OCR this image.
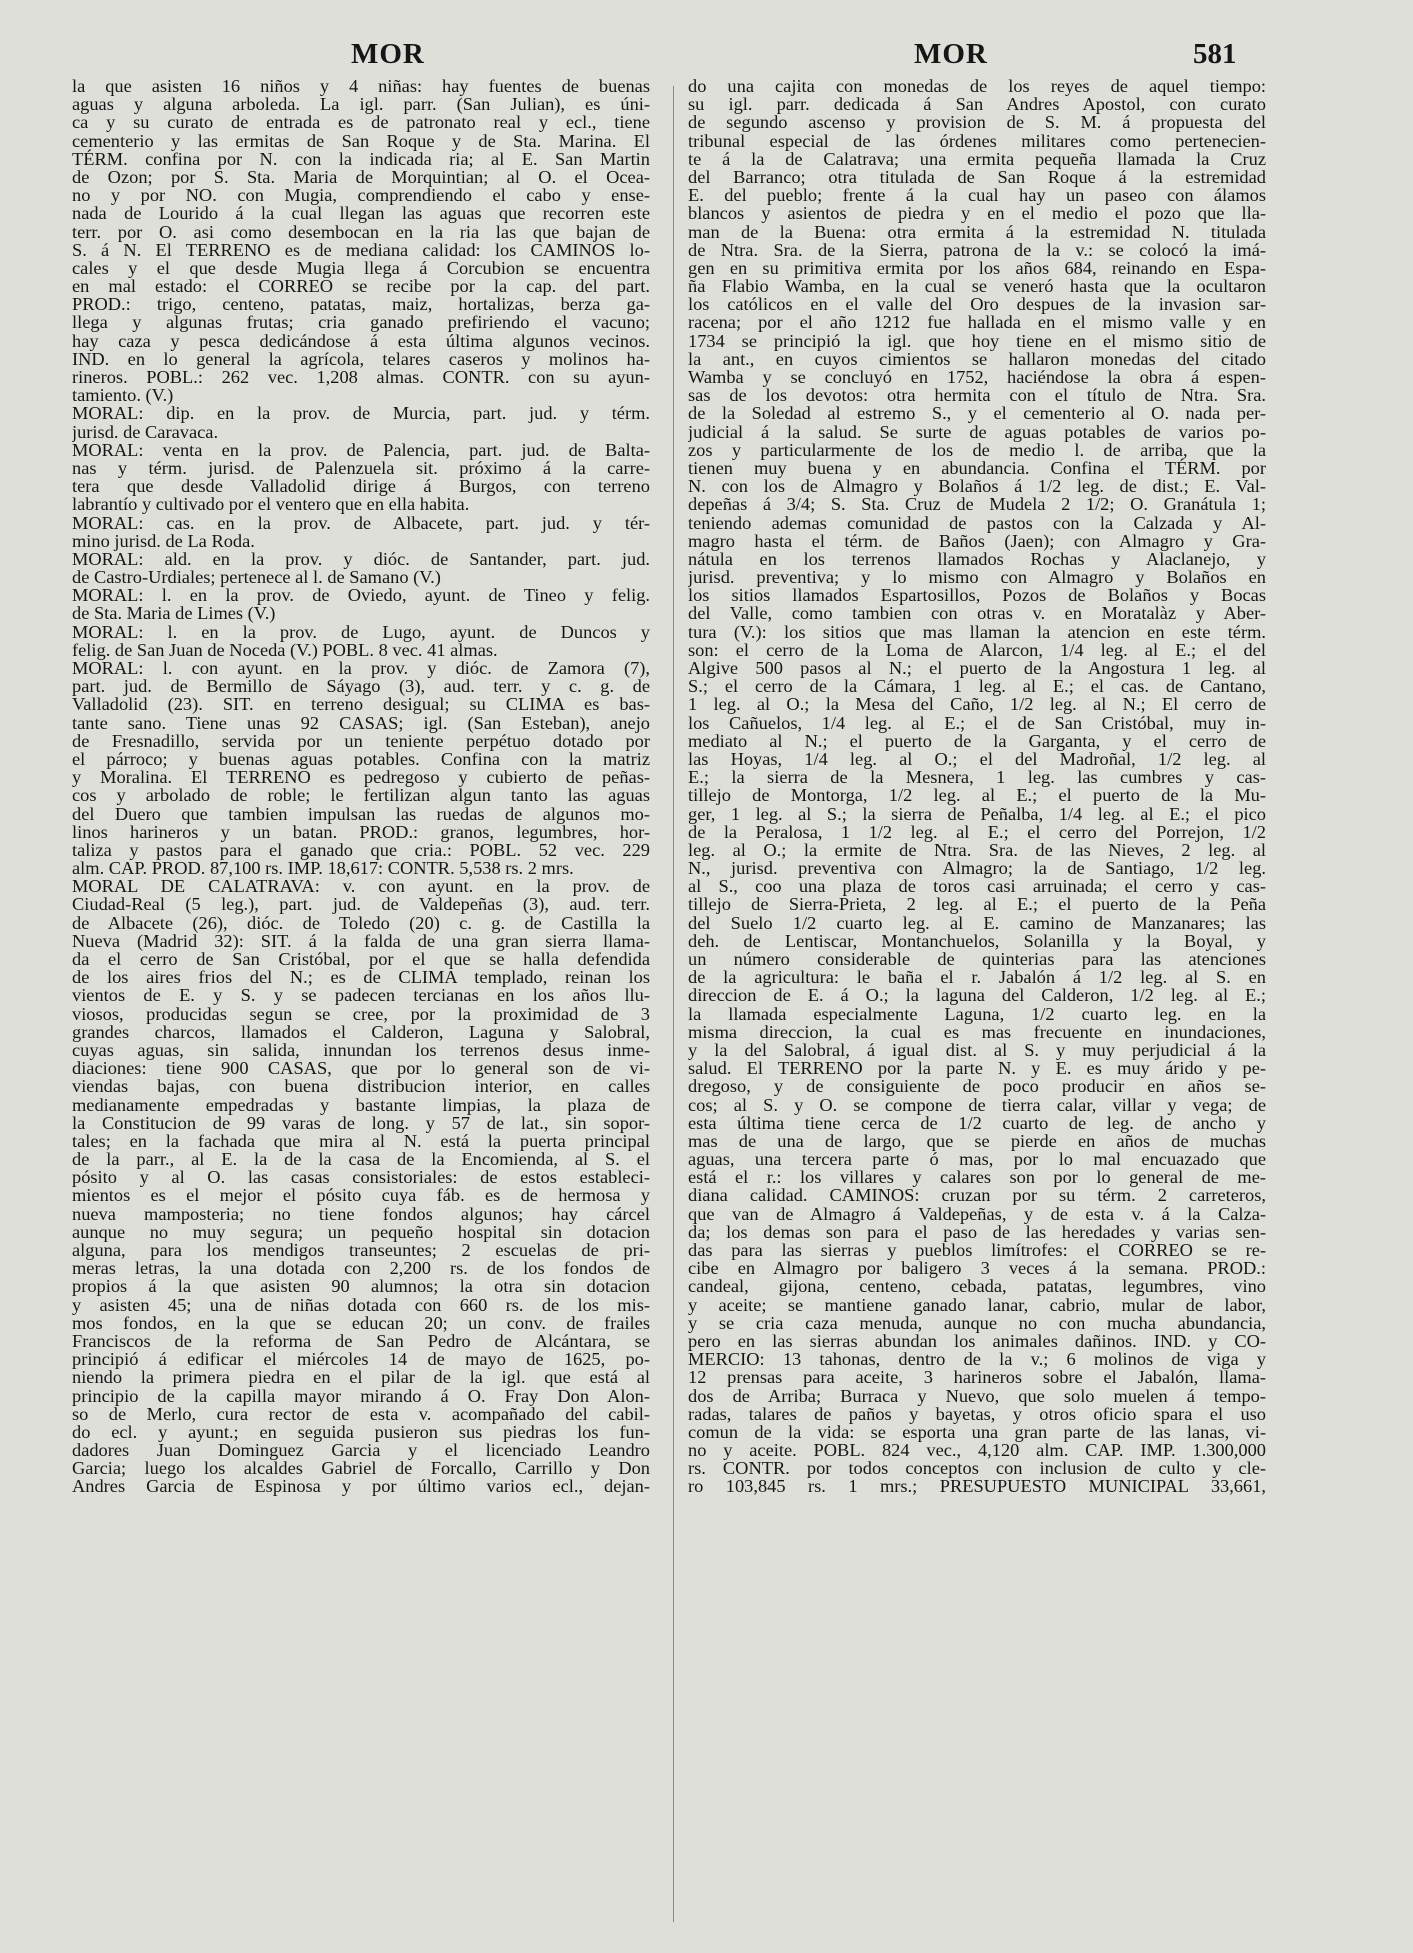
MOR	MOR	581
la que asisten 16 niños y 4 niñas: hay fuentes de buenas
aguas y alguna arboleda. La igl. parr. (San Julian), es úni-
ca y su curato de entrada es de patronato real y ecl., tiene
cementerio y las ermitas de San Roque y de Sta. Marina. El
TÉRM. confina por N. con la indicada ria; al E. San Martin
de Ozon; por S. Sta. Maria de Morquintian; al O. el Ocea-
no y por NO. con Mugia, comprendiendo el cabo y ense-
nada de Lourido á la cual llegan las aguas que recorren este
terr. por O. asi como desembocan en la ria las que bajan de
S. á N. El TERRENO es de mediana calidad: los CAMINOS lo-
cales y el que desde Mugia llega á Corcubion se encuentra
en mal estado: el CORREO se recibe por la cap. del part.
PROD.: trigo, centeno, patatas, maiz, hortalizas, berza ga-
llega y algunas frutas; cria ganado prefiriendo el vacuno;
hay caza y pesca dedicándose á esta última algunos vecinos.
IND. en lo general la agrícola, telares caseros y molinos ha-
rineros. POBL.: 262 vec. 1,208 almas. CONTR. con su ayun-
tamiento. (V.)
MORAL: dip. en la prov. de Murcia, part. jud. y térm.
jurisd. de Caravaca.
MORAL: venta en la prov. de Palencia, part. jud. de Baltа-
nas y térm. jurisd. de Palenzuela sit. próximo á la carre-
tera que desde Valladolid dirige á Burgos, con terreno
labrantío y cultivado por el ventero que en ella habita.
MORAL: cas. en la prov. de Albacete, part. jud. y tér-
mino jurisd. de La Roda.
MORAL: ald. en la prov. y dióc. de Santander, part. jud.
de Castro-Urdiales; pertenece al l. de Samano (V.)
MORAL: l. en la prov. de Oviedo, ayunt. de Tineo y felig.
de Sta. Maria de Limes (V.)
MORAL: l. en la prov. de Lugo, ayunt. de Duncos y
felig. de San Juan de Noceda (V.) POBL. 8 vec. 41 almas.
MORAL: l. con ayunt. en la prov. y dióc. de Zamora (7),
part. jud. de Bermillo de Sáyago (3), aud. terr. y c. g. de
Valladolid (23). SIT. en terreno desigual; su CLIMA es bas-
tante sano. Tiene unas 92 CASAS; igl. (San Esteban), anejo
de Fresnadillo, servida por un teniente perpétuo dotado por
el párroco; y buenas aguas potables. Confina con la matriz
y Moralina. El TERRENO es pedregoso y cubierto de peñas-
cos y arbolado de roble; le fertilizan algun tanto las aguas
del Duero que tambien impulsan las ruedas de algunos mo-
linos harineros y un batan. PROD.: granos, legumbres, hor-
taliza y pastos para el ganado que cria.: POBL. 52 vec. 229
alm. CAP. PROD. 87,100 rs. IMP. 18,617: CONTR. 5,538 rs. 2 mrs.
MORAL DE CALATRAVA: v. con ayunt. en la prov. de
Ciudad-Real (5 leg.), part. jud. de Valdepeñas (3), aud. terr.
de Albacete (26), dióc. de Toledo (20) c. g. de Castilla la
Nueva (Madrid 32): SIT. á la falda de una gran sierra llama-
da el cerro de San Cristóbal, por el que se halla defendida
de los aires frios del N.; es de CLIMA templado, reinan los
vientos de E. y S. y se padecen tercianas en los años llu-
viosos, producidas segun se cree, por la proximidad de 3
grandes charcos, llamados el Calderon, Laguna y Salobral,
cuyas aguas, sin salida, innundan los terrenos desus inme-
diaciones: tiene 900 CASAS, que por lo general son de vi-
viendas bajas, con buena distribucion interior, en calles
medianamente empedradas y bastante limpias, la plaza de
la Constitucion de 99 varas de long. y 57 de lat., sin sopor-
tales; en la fachada que mira al N. está la puerta principal
de la parr., al E. la de la casa de la Encomienda, al S. el
pósito y al O. las casas consistoriales: de estos estableci-
mientos es el mejor el pósito cuya fáb. es de hermosa y
nueva mamposteria; no tiene fondos algunos; hay cárcel
aunque no muy segura; un pequeño hospital sin dotacion
alguna, para los mendigos transeuntes; 2 escuelas de pri-
meras letras, la una dotada con 2,200 rs. de los fondos de
propios á la que asisten 90 alumnos; la otra sin dotacion
y asisten 45; una de niñas dotada con 660 rs. de los mis-
mos fondos, en la que se educan 20; un conv. de frailes
Franciscos de la reforma de San Pedro de Alcántara, se
principió á edificar el miércoles 14 de mayo de 1625, po-
niendo la primera piedra en el pilar de la igl. que está al
principio de la capilla mayor mirando á O. Fray Don Alon-
so de Merlo, cura rector de esta v. acompañado del cabil-
do ecl. y ayunt.; en seguida pusieron sus piedras los fun-
dadores Juan Dominguez Garcia y el licenciado Leandro
Garcia; luego los alcaldes Gabriel de Forcallo, Carrillo y Don
Andres Garcia de Espinosa y por último varios ecl., dejan-
do una cajita con monedas de los reyes de aquel tiempo:
su igl. parr. dedicada á San Andres Apostol, con curato
de segundo ascenso y provision de S. M. á propuesta del
tribunal especial de las órdenes militares como pertenecien-
te á la de Calatrava; una ermita pequeña llamada la Cruz
del Barranco; otra titulada de San Roque á la estremidad
E. del pueblo; frente á la cual hay un paseo con álamos
blancos y asientos de piedra y en el medio el pozo que lla-
man de la Buena: otra ermita á la estremidad N. titulada
de Ntra. Sra. de la Sierra, patrona de la v.: se colocó la imá-
gen en su primitiva ermita por los años 684, reinando en Espa-
ña Flabio Wamba, en la cual se veneró hasta que la ocultaron
los católicos en el valle del Oro despues de la invasion sar-
racena; por el año 1212 fue hallada en el mismo valle y en
1734 se principió la igl. que hoy tiene en el mismo sitio de
la ant., en cuyos cimientos se hallaron monedas del citado
Wamba y se concluyó en 1752, haciéndose la obra á espen-
sas de los devotos: otra hermita con el título de Ntra. Sra.
de la Soledad al estremo S., y el cementerio al O. nada per-
judicial á la salud. Se surte de aguas potables de varios po-
zos y particularmente de los de medio l. de arriba, que la
tienen muy buena y en abundancia. Confina el TÉRM. por
N. con los de Almagro y Bolaños á 1/2 leg. de dist.; E. Val-
depeñas á 3/4; S. Sta. Cruz de Mudela 2 1/2; O. Granátula 1;
teniendo ademas comunidad de pastos con la Calzada y Al-
magro hasta el térm. de Baños (Jaen); con Almagro y Gra-
nátula en los terrenos llamados Rochas y Alaclanejo, y
jurisd. preventiva; y lo mismo con Almagro y Bolaños en
los sitios llamados Espartosillos, Pozos de Bolaños y Bocas
del Valle, como tambien con otras v. en Moratalàz y Aber-
tura (V.): los sitios que mas llaman la atencion en este térm.
son: el cerro de la Loma de Alarcon, 1/4 leg. al E.; el del
Algive 500 pasos al N.; el puerto de la Angostura 1 leg. al
S.; el cerro de la Cámara, 1 leg. al E.; el cas. de Cantano,
1 leg. al O.; la Mesa del Caño, 1/2 leg. al N.; El cerro de
los Cañuelos, 1/4 leg. al E.; el de San Cristóbal, muy in-
mediato al N.; el puerto de la Garganta, y el cerro de
las Hoyas, 1/4 leg. al O.; el del Madroñal, 1/2 leg. al
E.; la sierra de la Mesnera, 1 leg. las cumbres y cas-
tillejo de Montorga, 1/2 leg. al E.; el puerto de la Mu-
ger, 1 leg. al S.; la sierra de Peñalba, 1/4 leg. al E.; el pico
de la Peralosa, 1 1/2 leg. al E.; el cerro del Porrejon, 1/2
leg. al O.; la ermite de Ntra. Sra. de las Nieves, 2 leg. al
N., jurisd. preventiva con Almagro; la de Santiago, 1/2 leg.
al S., coo una plaza de toros casi arruinada; el cerro y cas-
tillejo de Sierra-Prieta, 2 leg. al E.; el puerto de la Peña
del Suelo 1/2 cuarto leg. al E. camino de Manzanares; las
deh. de Lentiscar, Montanchuelos, Solanilla y la Boyal, y
un número considerable de quinterias para las atenciones
de la agricultura: le baña el r. Jabalón á 1/2 leg. al S. en
direccion de E. á O.; la laguna del Calderon, 1/2 leg. al E.;
la llamada especialmente Laguna, 1/2 cuarto leg. en la
misma direccion, la cual es mas frecuente en inundaciones,
y la del Salobral, á igual dist. al S. y muy perjudicial á la
salud. El TERRENO por la parte N. y E. es muy árido y pe-
dregoso, y de consiguiente de poco producir en años se-
cos; al S. y O. se compone de tierra calar, villar y vega; de
esta última tiene cerca de 1/2 cuarto de leg. de ancho y
mas de una de largo, que se pierde en años de muchas
aguas, una tercera parte ó mas, por lo mal encuazado que
está el r.: los villares y calares son por lo general de me-
diana calidad. CAMINOS: cruzan por su térm. 2 carreteros,
que van de Almagro á Valdepeñas, y de esta v. á la Calza-
da; los demas son para el paso de las heredades y varias sen-
das para las sierras y pueblos limítrofes: el CORREO se re-
cibe en Almagro por baligero 3 veces á la semana. PROD.:
candeal, gijona, centeno, cebada, patatas, legumbres, vino
y aceite; se mantiene ganado lanar, cabrio, mular de labor,
y se cria caza menuda, aunque no con mucha abundancia,
pero en las sierras abundan los animales dañinos. IND. y CO-
MERCIO: 13 tahonas, dentro de la v.; 6 molinos de viga y
12 prensas para aceite, 3 harineros sobre el Jabalón, llama-
dos de Arriba; Burraca y Nuevo, que solo muelen á tempo-
radas, talares de paños y bayetas, y otros oficio spara el uso
comun de la vida: se esporta una gran parte de las lanas, vi-
no y aceite. POBL. 824 vec., 4,120 alm. CAP. IMP. 1.300,000
rs. CONTR. por todos conceptos con inclusion de culto y cle-
ro 103,845 rs. 1 mrs.; PRESUPUESTO MUNICIPAL 33,661,
